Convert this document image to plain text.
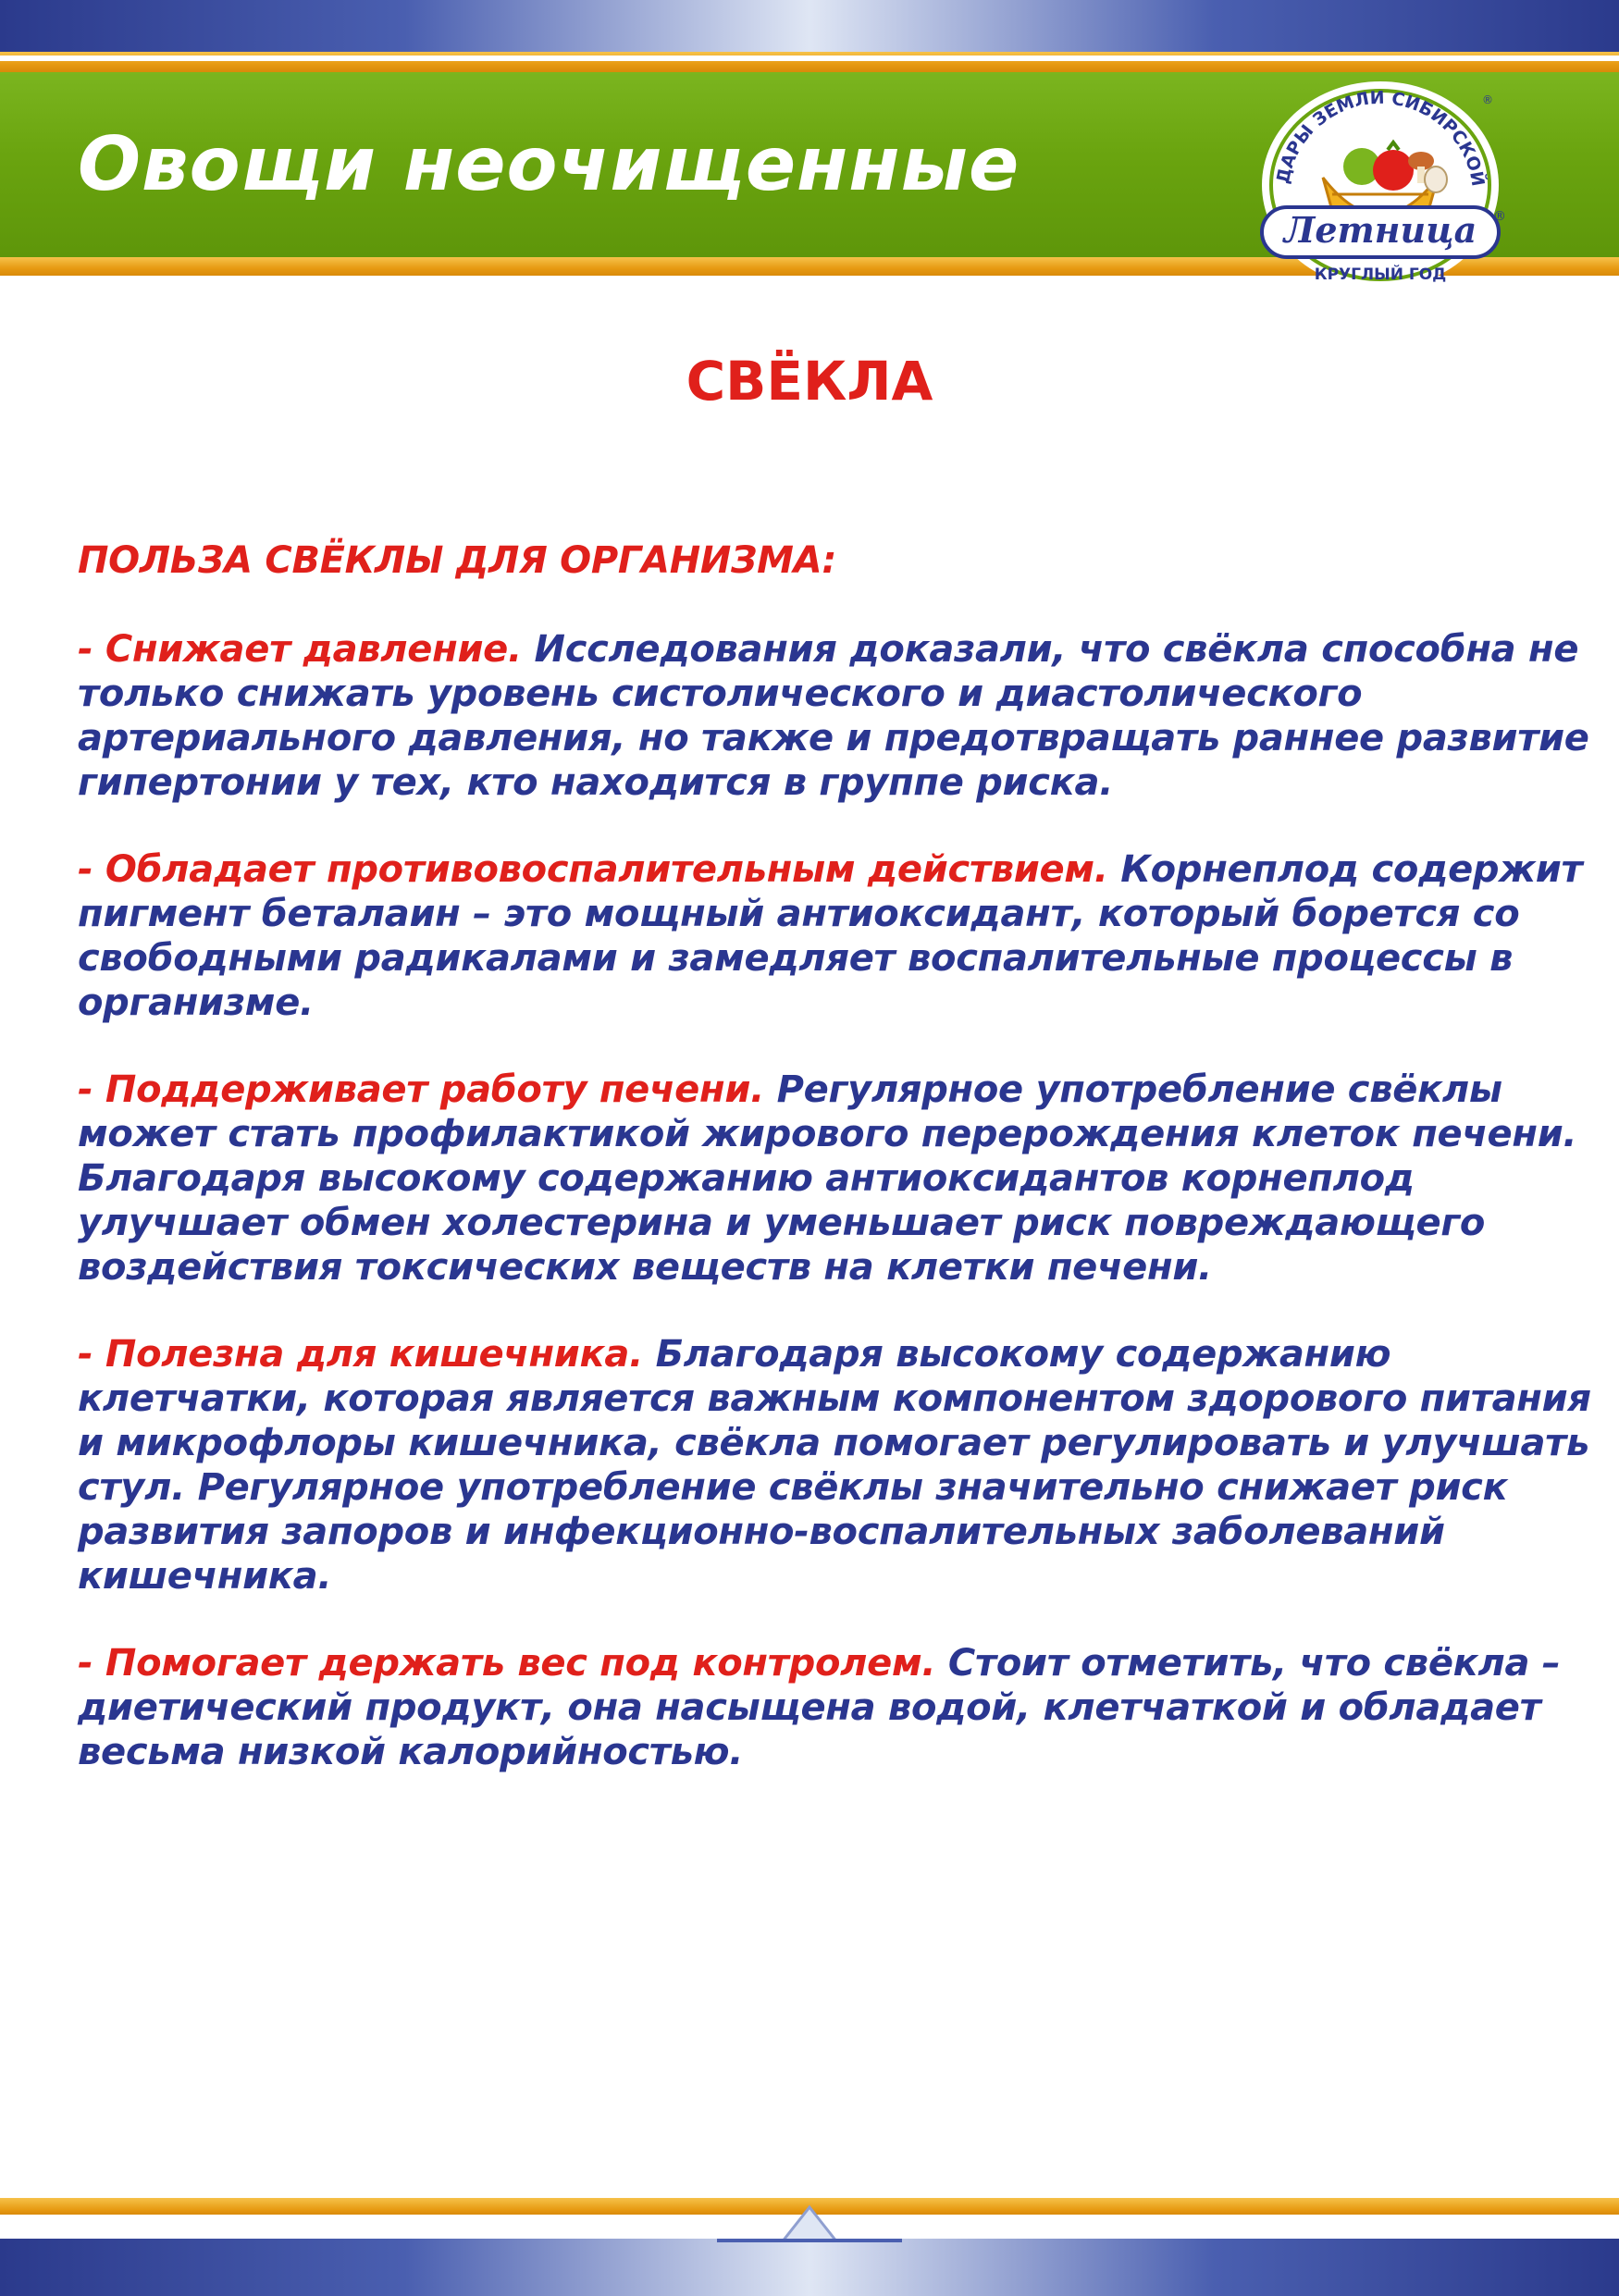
Овощи неочищенные	ДАРЫ ЗЕМЛИ СИБИРСКОЙ
Летница ®
®
КРУГЛЫЙ ГОД
СВЁКЛА

ПОЛЬЗА СВЁКЛЫ ДЛЯ ОРГАНИЗМА:

- Снижает давление. Исследования доказали, что свёкла способна не только снижать уровень систолического и диастолического артериального давления, но также и предотвращать раннее развитие гипертонии у тех, кто находится в группе риска.

- Обладает противовоспалительным действием. Корнеплод содержит пигмент беталаин – это мощный антиоксидант, который борется со свободными радикалами и замедляет воспалительные процессы в организме.

- Поддерживает работу печени. Регулярное употребление свёклы может стать профилактикой жирового перерождения клеток печени. Благодаря высокому содержанию антиоксидантов корнеплод улучшает обмен холестерина и уменьшает риск повреждающего воздействия токсических веществ на клетки печени.

- Полезна для кишечника. Благодаря высокому содержанию клетчатки, которая является важным компонентом здорового питания и микрофлоры кишечника, свёкла помогает регулировать и улучшать стул. Регулярное употребление свёклы значительно снижает риск развития запоров и инфекционно-воспалительных заболеваний кишечника.

- Помогает держать вес под контролем. Стоит отметить, что свёкла – диетический продукт, она насыщена водой, клетчаткой и обладает весьма низкой калорийностью.
